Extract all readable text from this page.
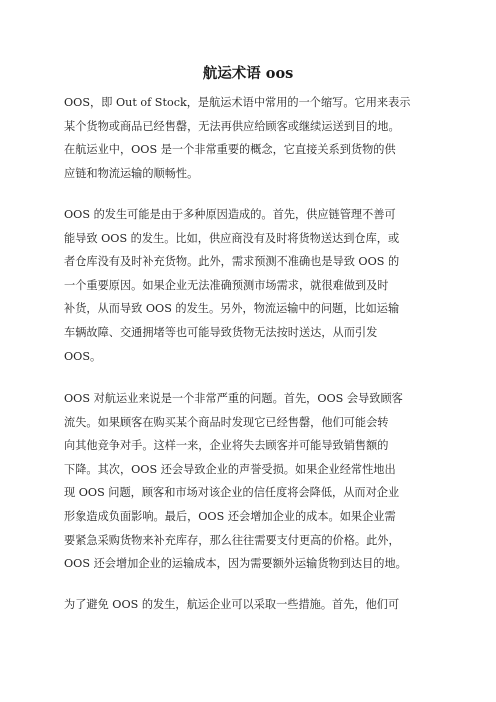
航运术语 oos

OOS，即 Out of Stock，是航运术语中常用的一个缩写。它用来表示
某个货物或商品已经售罄，无法再供应给顾客或继续运送到目的地。
在航运业中，OOS 是一个非常重要的概念，它直接关系到货物的供
应链和物流运输的顺畅性。

OOS 的发生可能是由于多种原因造成的。首先，供应链管理不善可
能导致 OOS 的发生。比如，供应商没有及时将货物送达到仓库，或
者仓库没有及时补充货物。此外，需求预测不准确也是导致 OOS 的
一个重要原因。如果企业无法准确预测市场需求，就很难做到及时
补货，从而导致 OOS 的发生。另外，物流运输中的问题，比如运输
车辆故障、交通拥堵等也可能导致货物无法按时送达，从而引发
OOS。

OOS 对航运业来说是一个非常严重的问题。首先，OOS 会导致顾客
流失。如果顾客在购买某个商品时发现它已经售罄，他们可能会转
向其他竞争对手。这样一来，企业将失去顾客并可能导致销售额的
下降。其次，OOS 还会导致企业的声誉受损。如果企业经常性地出
现 OOS 问题，顾客和市场对该企业的信任度将会降低，从而对企业
形象造成负面影响。最后，OOS 还会增加企业的成本。如果企业需
要紧急采购货物来补充库存，那么往往需要支付更高的价格。此外，
OOS 还会增加企业的运输成本，因为需要额外运输货物到达目的地。

为了避免 OOS 的发生，航运企业可以采取一些措施。首先，他们可
